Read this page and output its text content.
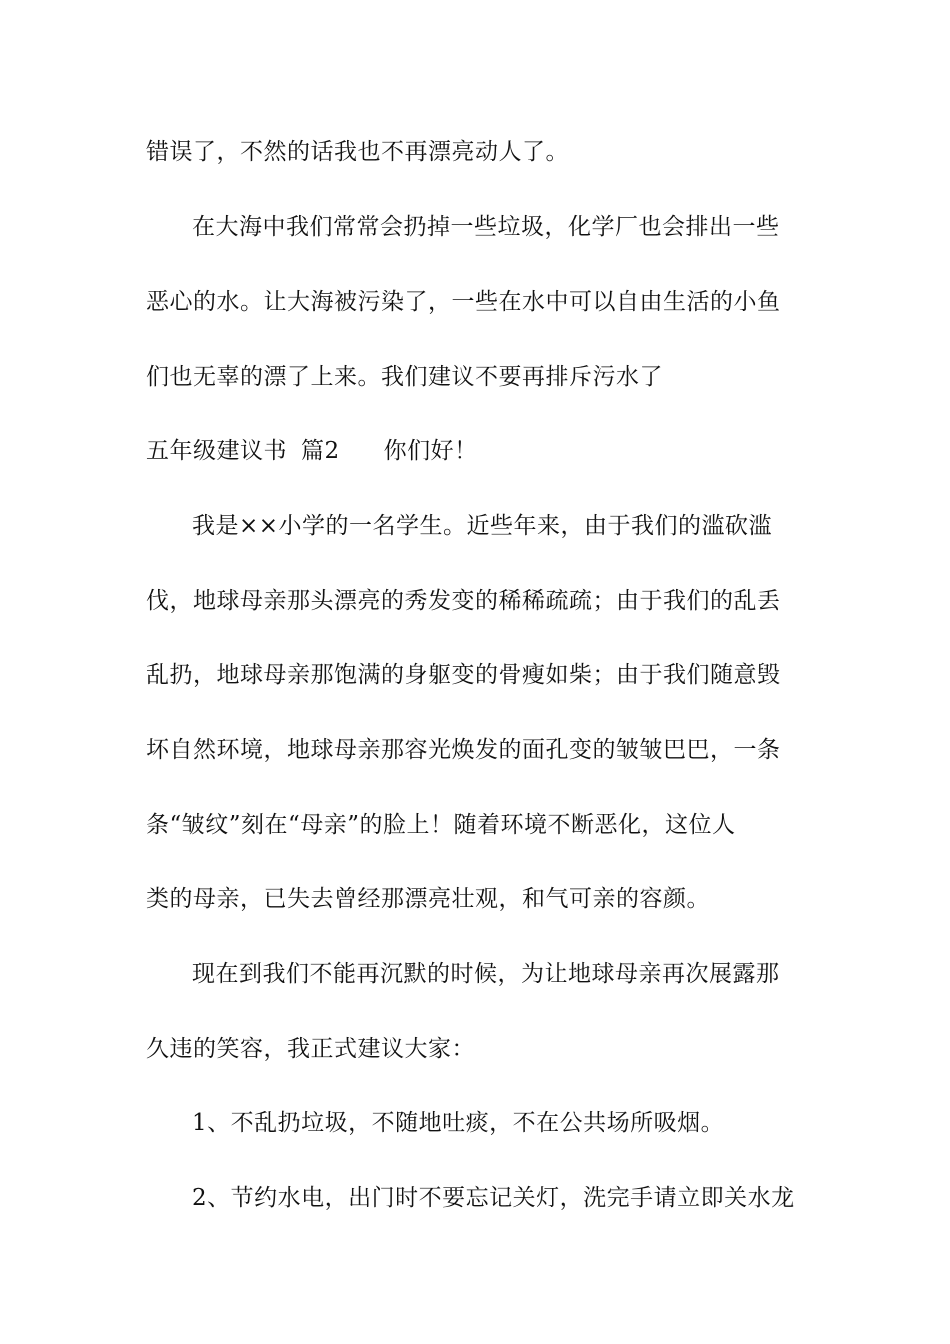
错误了，不然的话我也不再漂亮动人了。
在大海中我们常常会扔掉一些垃圾，化学厂也会排出一些
恶心的水。让大海被污染了，一些在水中可以自由生活的小鱼
们也无辜的漂了上来。我们建议不要再排斥污水了
五年级建议书 篇2 你们好！
我是××小学的一名学生。近些年来，由于我们的滥砍滥
伐，地球母亲那头漂亮的秀发变的稀稀疏疏；由于我们的乱丢
乱扔，地球母亲那饱满的身躯变的骨瘦如柴；由于我们随意毁
坏自然环境，地球母亲那容光焕发的面孔变的皱皱巴巴，一条
条“皱纹”刻在“母亲”的脸上！随着环境不断恶化，这位人
类的母亲，已失去曾经那漂亮壮观，和气可亲的容颜。
现在到我们不能再沉默的时候，为让地球母亲再次展露那
久违的笑容，我正式建议大家：
1、不乱扔垃圾，不随地吐痰，不在公共场所吸烟。
2、节约水电，出门时不要忘记关灯，洗完手请立即关水龙
